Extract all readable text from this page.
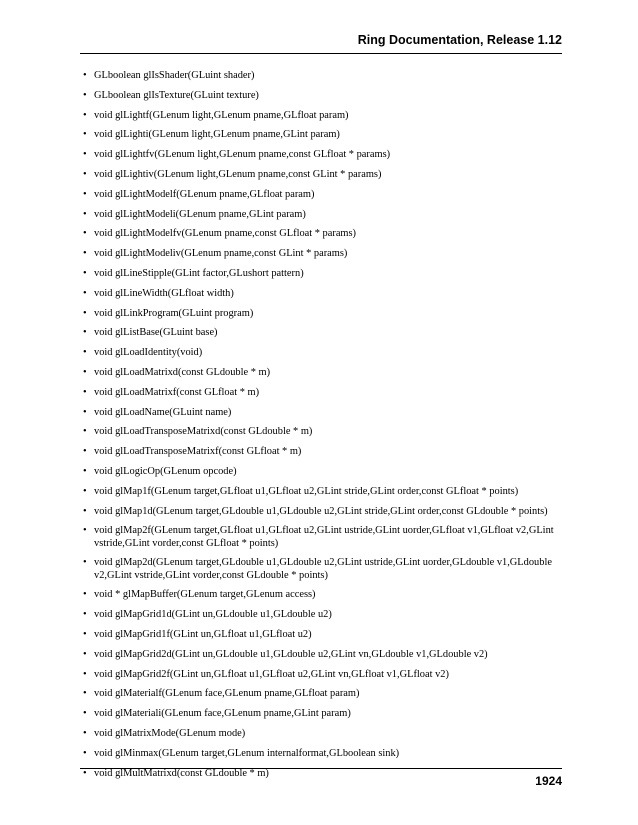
Ring Documentation, Release 1.12
• GLboolean glIsShader(GLuint shader)
• GLboolean glIsTexture(GLuint texture)
• void glLightf(GLenum light,GLenum pname,GLfloat param)
• void glLighti(GLenum light,GLenum pname,GLint param)
• void glLightfv(GLenum light,GLenum pname,const GLfloat * params)
• void glLightiv(GLenum light,GLenum pname,const GLint * params)
• void glLightModelf(GLenum pname,GLfloat param)
• void glLightModeli(GLenum pname,GLint param)
• void glLightModelfv(GLenum pname,const GLfloat * params)
• void glLightModeliv(GLenum pname,const GLint * params)
• void glLineStipple(GLint factor,GLushort pattern)
• void glLineWidth(GLfloat width)
• void glLinkProgram(GLuint program)
• void glListBase(GLuint base)
• void glLoadIdentity(void)
• void glLoadMatrixd(const GLdouble * m)
• void glLoadMatrixf(const GLfloat * m)
• void glLoadName(GLuint name)
• void glLoadTransposeMatrixd(const GLdouble * m)
• void glLoadTransposeMatrixf(const GLfloat * m)
• void glLogicOp(GLenum opcode)
• void glMap1f(GLenum target,GLfloat u1,GLfloat u2,GLint stride,GLint order,const GLfloat * points)
• void glMap1d(GLenum target,GLdouble u1,GLdouble u2,GLint stride,GLint order,const GLdouble * points)
• void glMap2f(GLenum target,GLfloat u1,GLfloat u2,GLint ustride,GLint uorder,GLfloat v1,GLfloat v2,GLint vstride,GLint vorder,const GLfloat * points)
• void glMap2d(GLenum target,GLdouble u1,GLdouble u2,GLint ustride,GLint uorder,GLdouble v1,GLdouble v2,GLint vstride,GLint vorder,const GLdouble * points)
• void * glMapBuffer(GLenum target,GLenum access)
• void glMapGrid1d(GLint un,GLdouble u1,GLdouble u2)
• void glMapGrid1f(GLint un,GLfloat u1,GLfloat u2)
• void glMapGrid2d(GLint un,GLdouble u1,GLdouble u2,GLint vn,GLdouble v1,GLdouble v2)
• void glMapGrid2f(GLint un,GLfloat u1,GLfloat u2,GLint vn,GLfloat v1,GLfloat v2)
• void glMaterialf(GLenum face,GLenum pname,GLfloat param)
• void glMateriali(GLenum face,GLenum pname,GLint param)
• void glMatrixMode(GLenum mode)
• void glMinmax(GLenum target,GLenum internalformat,GLboolean sink)
• void glMultMatrixd(const GLdouble * m)
1924
